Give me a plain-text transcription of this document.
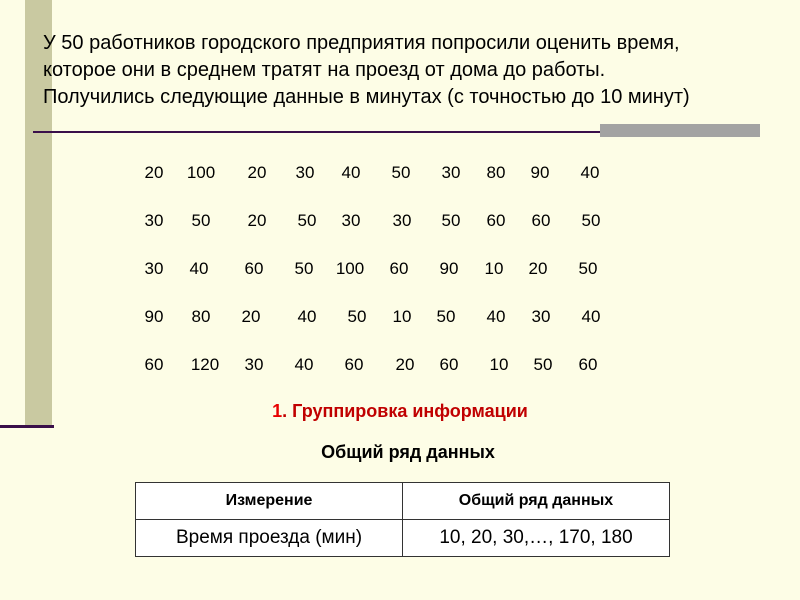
У 50 работников городского предприятия попросили оценить время,
которое они в среднем тратят на проезд от дома до работы.
Получились следующие данные в минутах (с точностью до 10 минут)
20 100 20 30 40 50 30 80 90 40
30 50 20 50 30 30 50 60 60 50
30 40 60 50 100 60 90 10 20 50
90 80 20 40 50 10 50 40 30 40
60 120 30 40 60 20 60 10 50 60
1. Группировка информации
Общий ряд данных
Измерение	Общий ряд данных
Время проезда (мин)	10, 20, 30,…, 170, 180
